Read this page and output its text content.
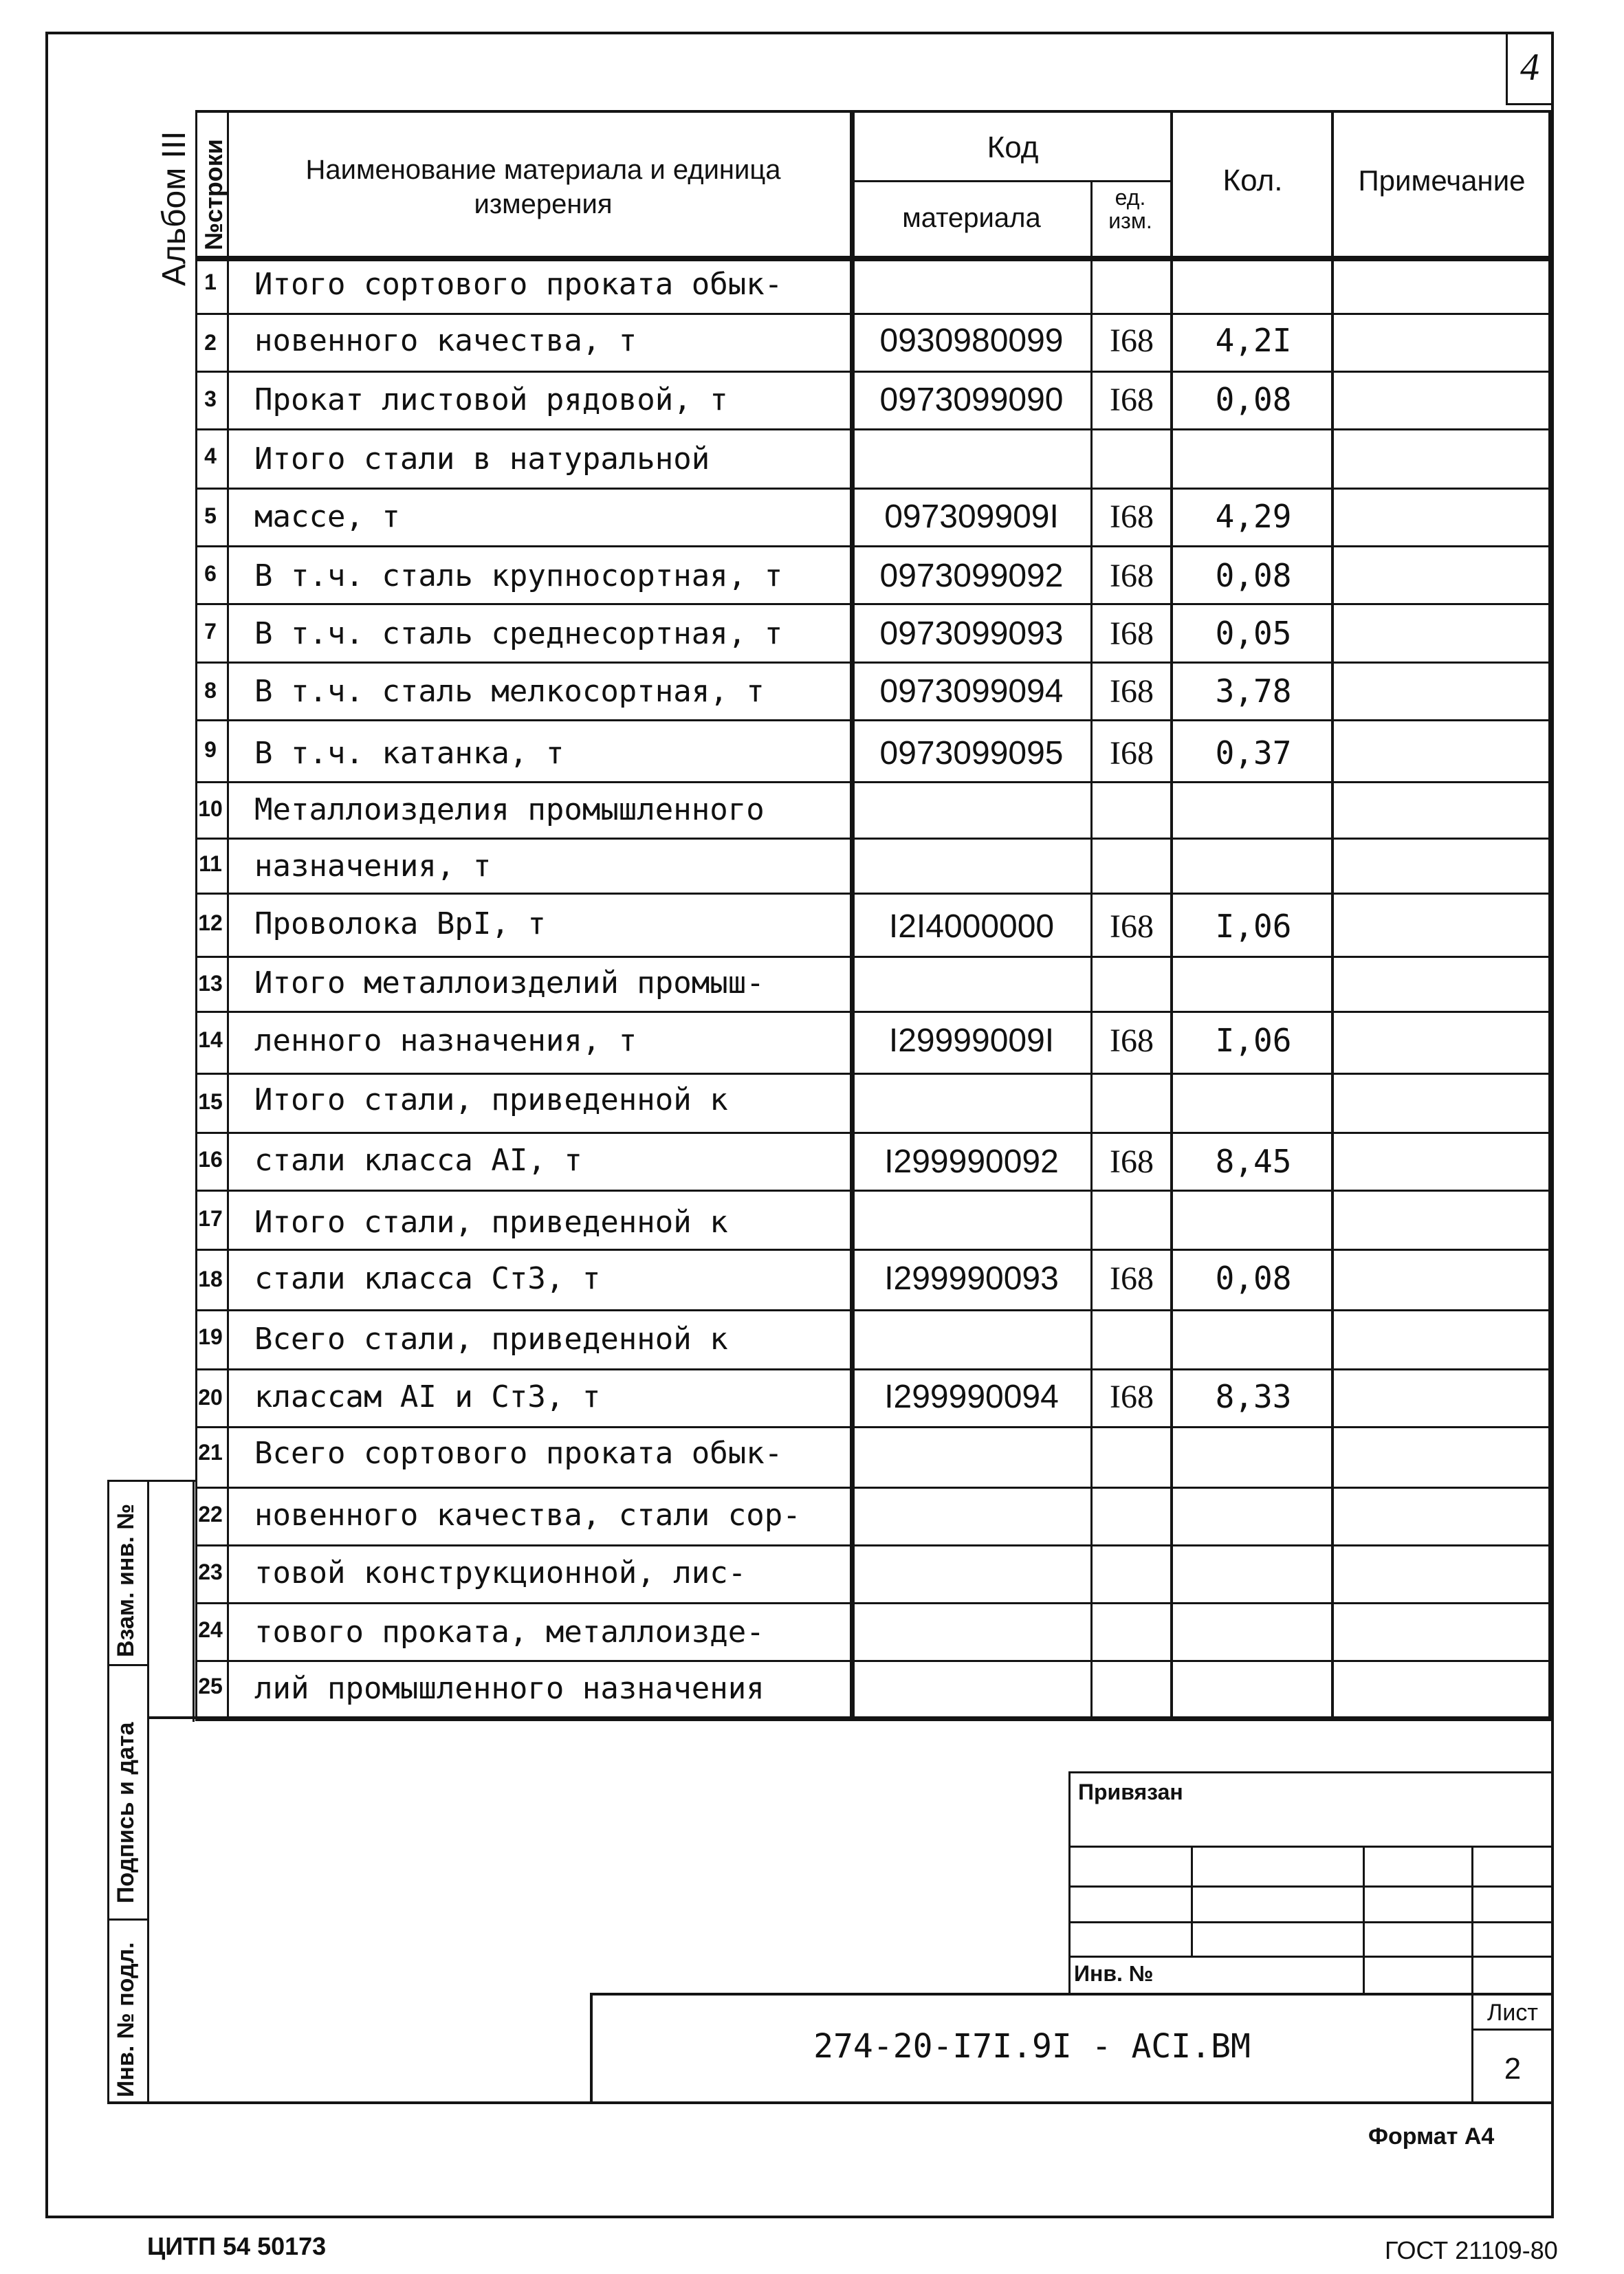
4
Альбом III №строки	Наименование материала и единица измерения
Код
материала
ед. изм.
Кол.	Примечание
1 Итого сортового проката обык-
2 новенного качества, т	0930980099	I68	4,2I
3 Прокат листовой рядовой, т	0973099090	I68	0,08
4 Итого стали в натуральной
5 массе, т	097309909I	I68	4,29
6 В т.ч. сталь крупносортная, т	0973099092	I68	0,08
7 В т.ч. сталь среднесортная, т	0973099093	I68	0,05
8 В т.ч. сталь мелкосортная, т	0973099094	I68	3,78
9 В т.ч. катанка, т	0973099095	I68	0,37
10 Металлоизделия промышленного
11 назначения, т
12 Проволока ВрI, т	I2I4000000	I68	I,06
13 Итого металлоизделий промыш-
14 ленного назначения, т	I29999009I	I68	I,06
15 Итого стали, приведенной к
16 стали класса АI, т	I299990092	I68	8,45
17 Итого стали, приведенной к
18 стали класса Ст3, т	I299990093	I68	0,08
19 Всего стали, приведенной к
20 классам АI и Ст3, т	I299990094	I68	8,33
21 Всего сортового проката обык-
22 новенного качества, стали сор-
23 товой конструкционной, лис-
24 тового проката, металлоизде-
25 лий промышленного назначения
Взам. инв. №
Подпись и дата
Инв. № подл.
Привязан
Инв. №
274-20-I7I.9I - АСI.ВМ
Лист
2
Формат А4
ЦИТП 54 50173	ГОСТ 21109-80
